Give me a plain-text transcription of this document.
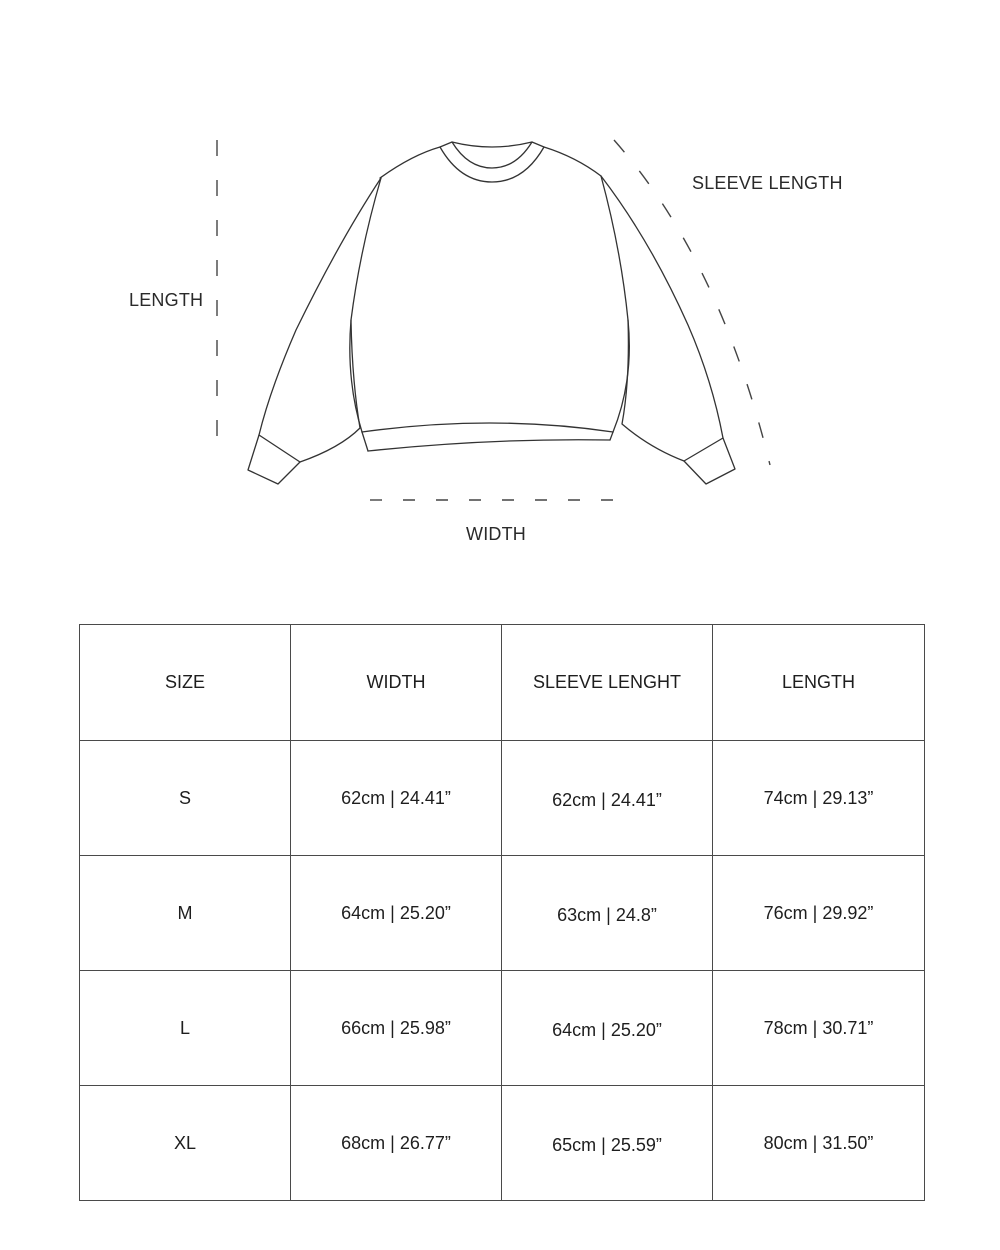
LENGTH
SLEEVE LENGTH
WIDTH
SIZE	WIDTH	SLEEVE LENGHT	LENGTH
S	62cm | 24.41”	62cm | 24.41”	74cm | 29.13”
M	64cm | 25.20”	63cm | 24.8”	76cm | 29.92”
L	66cm | 25.98”	64cm | 25.20”	78cm | 30.71”
XL	68cm | 26.77”	65cm | 25.59”	80cm | 31.50”
